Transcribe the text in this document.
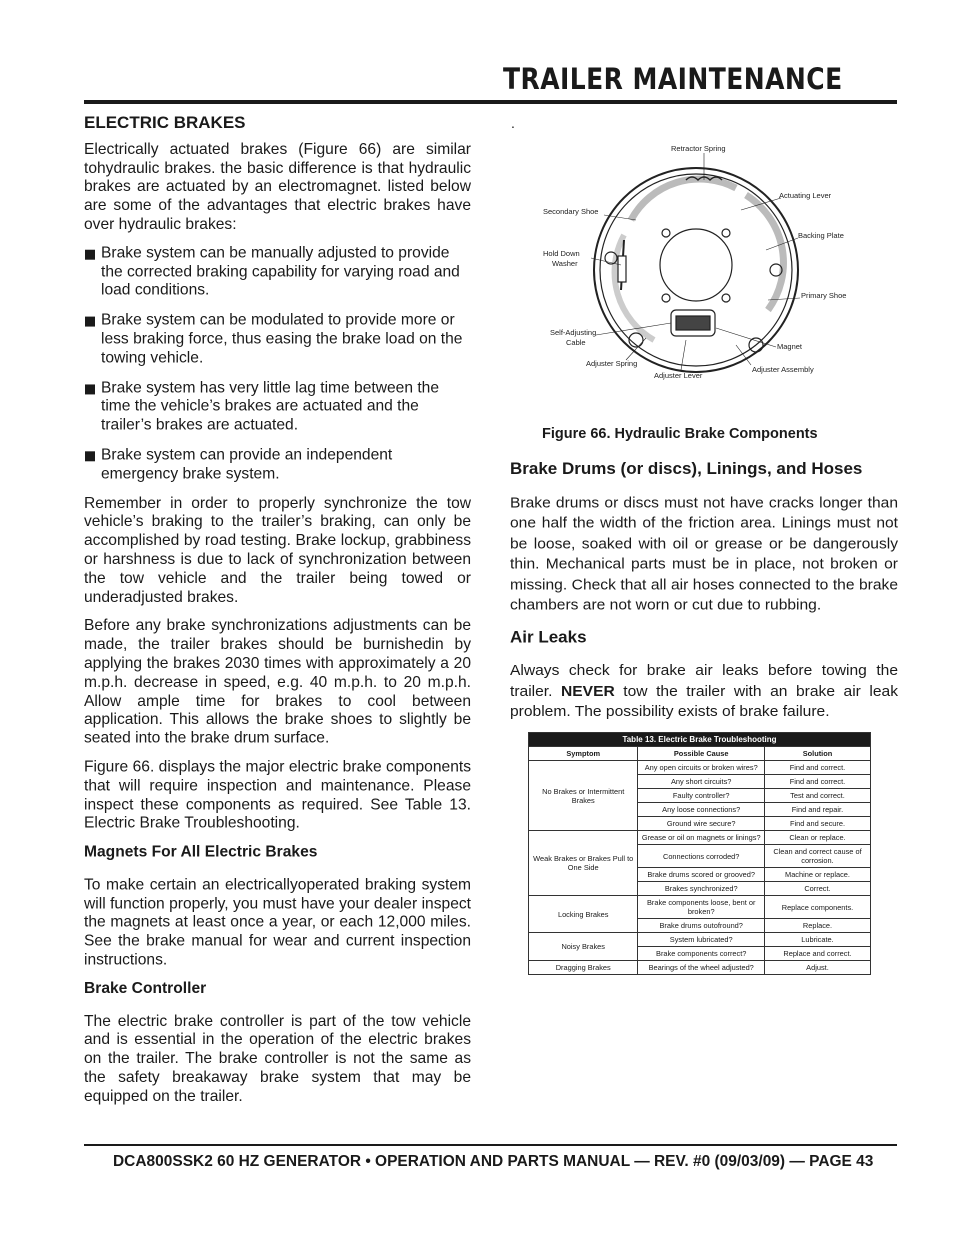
TRAILER MAINTENANCE
ELECTRIC BRAKES

Electrically actuated brakes (Figure 66) are similar tohydraulic brakes. the basic difference is that hydraulic brakes are actuated by an electromagnet. listed below are some of the advantages that electric brakes have over hydraulic brakes:

Brake system can be manually adjusted to provide the corrected braking capability for varying road and load conditions.
Brake system can be modulated to provide more or less braking force, thus easing the brake load on the towing vehicle.
Brake system has very little lag time between the time the vehicle’s brakes are actuated and the trailer’s brakes are actuated.
Brake system can provide an independent emergency brake system.

Remember in order to properly synchronize the tow vehicle’s braking to the trailer’s braking, can only be accomplished by road testing. Brake lockup, grabbiness or harshness is due to lack of synchronization between the tow vehicle and the trailer being towed or underadjusted brakes.

Before any brake synchronizations adjustments can be made, the trailer brakes should be burnishedin by applying the brakes 2030 times with approximately a 20 m.p.h. decrease in speed, e.g. 40 m.p.h. to 20 m.p.h. Allow ample time for brakes to cool between application. This allows the brake shoes to slightly be seated into the brake drum surface.

Figure 66. displays the major electric brake components that will require inspection and maintenance. Please inspect these components as required. See Table 13. Electric Brake Troubleshooting.

Magnets For All Electric Brakes

To make certain an electricallyoperated braking system will function properly, you must have your dealer inspect the magnets at least once a year, or each 12,000 miles. See the brake manual for wear and current inspection instructions.

Brake Controller

The electric brake controller is part of the tow vehicle and is essential in the operation of the electric brakes on the trailer. The brake controller is not the same as the safety breakaway brake system that may be equipped on the trailer.

.
Retractor Spring
Actuating Lever
Secondary Shoe
Backing Plate
Hold Down
Washer
Primary Shoe
Self-Adjusting
Cable	Magnet
Adjuster Spring
Adjuster Assembly
Adjuster Lever
Figure 66. Hydraulic Brake Components
Brake Drums (or discs), Linings, and Hoses

Brake drums or discs must not have cracks longer than one half the width of the friction area. Linings must not be loose, soaked with oil or grease or be dangerously thin. Mechanical parts must be in place, not broken or missing. Check that all air hoses connected to the brake chambers are not worn or cut due to rubbing.

Air Leaks

Always check for brake air leaks before towing the trailer. NEVER tow the trailer with an brake air leak problem. The possibility exists of brake failure.

Table 13. Electric Brake Troubleshooting		
Symptom	Possible Cause	Solution
No Brakes or Intermittent Brakes	Any open circuits or broken wires?	Find and correct.
	Any short circuits?	Find and correct.
	Faulty controller?	Test and correct.
	Any loose connections?	Find and repair.
	Ground wire secure?	Find and secure.
Weak Brakes or Brakes Pull to One Side	Grease or oil on magnets or linings?	Clean or replace.
	Connections corroded?	Clean and correct cause of corrosion.
	Brake drums scored or grooved?	Machine or replace.
	Brakes synchronized?	Correct.
Locking Brakes	Brake components loose, bent or broken?	Replace components.
	Brake drums outofround?	Replace.
Noisy Brakes	System lubricated?	Lubricate.
	Brake components correct?	Replace and correct.
Dragging Brakes	Bearings of the wheel adjusted?	Adjust.
DCA800SSK2 60 HZ GENERATOR • OPERATION AND PARTS MANUAL — REV. #0 (09/03/09) — PAGE 43
